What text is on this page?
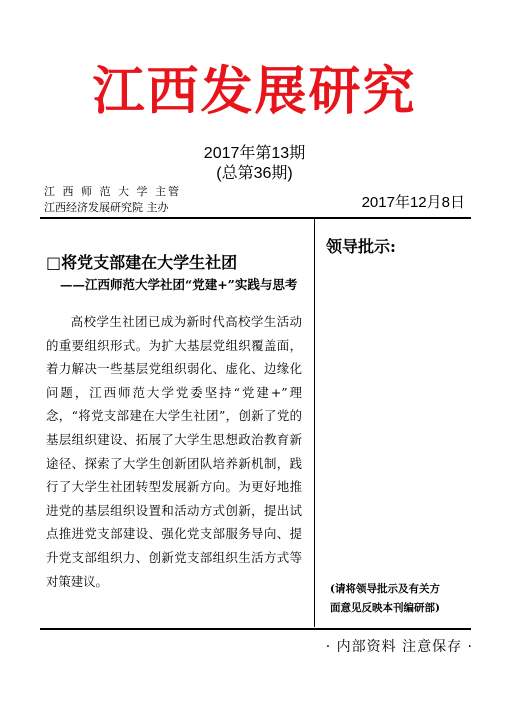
江西发展研究
2017年第13期
(总第36期)
江 西 师 范 大 学 主管
江西经济发展研究院 主办	2017年12月8日
□将党支部建在大学生社团
——江西师范大学社团“党建+”实践与思考
高校学生社团已成为新时代高校学生活动的重要组织形式。为扩大基层党组织覆盖面，着力解决一些基层党组织弱化、虚化、边缘化问题，江西师范大学党委坚持“党建+”理念，“将党支部建在大学生社团”，创新了党的基层组织建设、拓展了大学生思想政治教育新途径、探索了大学生创新团队培养新机制，践行了大学生社团转型发展新方向。为更好地推进党的基层组织设置和活动方式创新，提出试点推进党支部建设、强化党支部服务导向、提升党支部组织力、创新党支部组织生活方式等对策建议。
领导批示:
(请将领导批示及有关方
面意见反映本刊编研部)
· 内部资料 注意保存 ·
